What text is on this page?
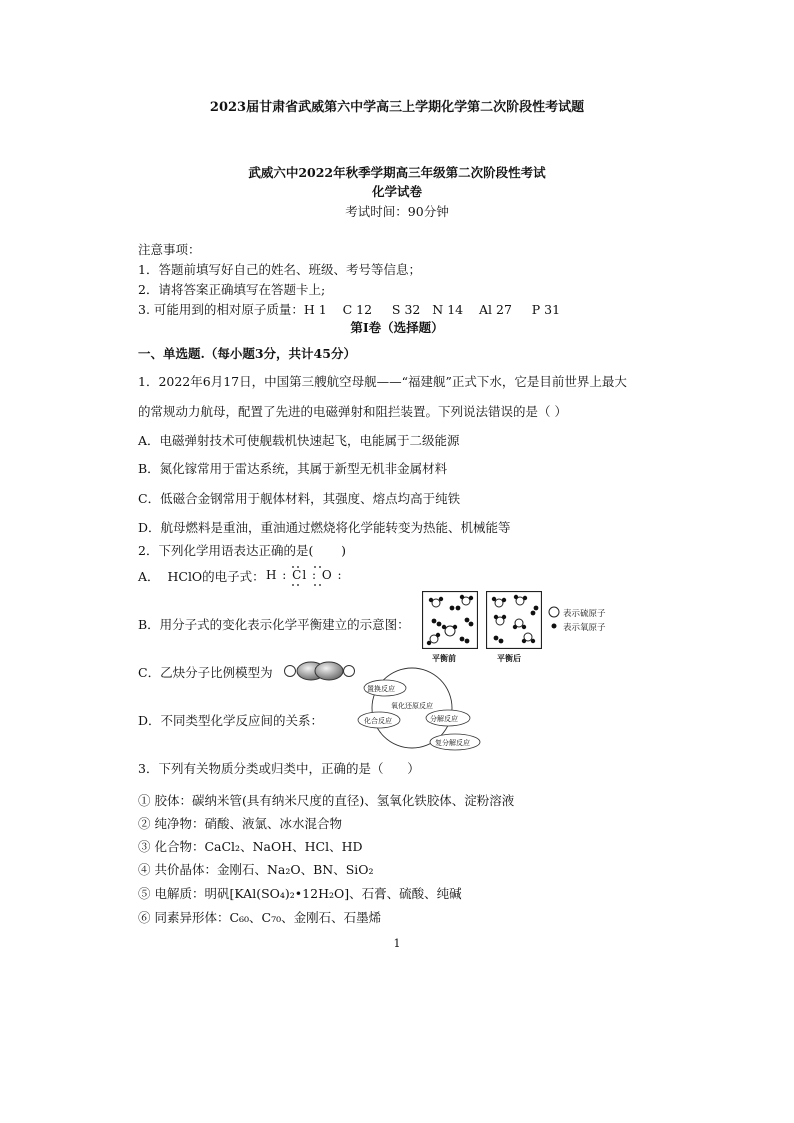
2023届甘肃省武威第六中学高三上学期化学第二次阶段性考试题
武威六中2022年秋季学期高三年级第二次阶段性考试
化学试卷
考试时间：90分钟
注意事项：
1．答题前填写好自己的姓名、班级、考号等信息；
2．请将答案正确填写在答题卡上;
3. 可能用到的相对原子质量：H 1    C 12     S 32   N 14    Al 27     P 31
第I卷（选择题）
一、单选题.（每小题3分，共计45分）
1．2022年6月17日，中国第三艘航空母舰——“福建舰”正式下水，它是目前世界上最大
的常规动力航母，配置了先进的电磁弹射和阻拦装置。下列说法错误的是（ ）
A．电磁弹射技术可使舰载机快速起飞，电能属于二级能源
B．氮化镓常用于雷达系统，其属于新型无机非金属材料
C．低磁合金钢常用于舰体材料，其强度、熔点均高于纯铁
D．航母燃料是重油，重油通过燃烧将化学能转变为热能、机械能等
2．下列化学用语表达正确的是(       )
A．  HClO的电子式： H : Cl : O :
B．用分子式的变化表示化学平衡建立的示意图：
平衡前	平衡后
表示硫原子
表示氧原子
C．乙炔分子比例模型为
D．不同类型化学反应间的关系：
置换反应
氧化还原反应
化合反应	分解反应
复分解反应
3．下列有关物质分类或归类中，正确的是（      ）
① 胶体：碳纳米管(具有纳米尺度的直径)、氢氧化铁胶体、淀粉溶液
② 纯净物：硝酸、液氯、冰水混合物
③ 化合物：CaCl₂、NaOH、HCl、HD
④ 共价晶体：金刚石、Na₂O、BN、SiO₂
⑤ 电解质：明矾[KAl(SO₄)₂•12H₂O]、石膏、硫酸、纯碱
⑥ 同素异形体：C₆₀、C₇₀、金刚石、石墨烯
1
